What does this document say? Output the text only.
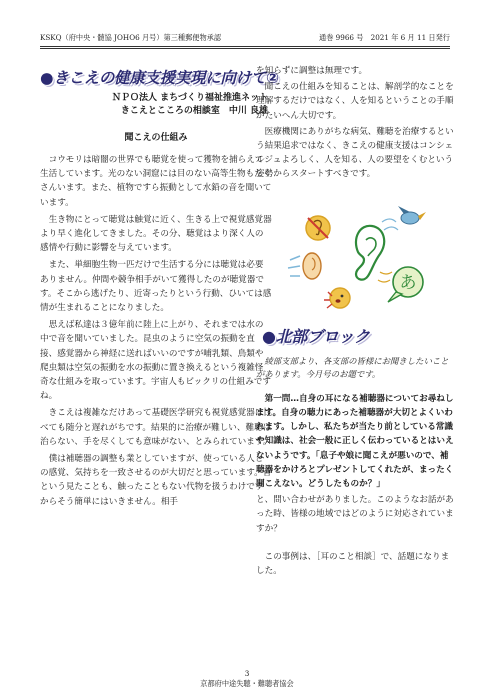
KSKQ（府中央・髄協 JOHO6 月号）第三種郵便物承認	通巻 9966 号　2021 年 6 月 11 日発行
●きこえの健康支援実現に向けて②
ＮＰＯ法人 まちづくり福祉推進ネット
きこえとこころの相談室　中川 良雄
聞こえの仕組み

コウモリは暗闇の世界でも聴覚を使って獲物を捕らえて生活しています。光のない洞窟には目のない高等生物もたくさんいます。また、植物ですら振動として水鉛の音を聞いています。

生き物にとって聴覚は触覚に近く、生きる上で視覚感覚器より早く進化してきました。その分、聴覚はより深く人の感情や行動に影響を与えています。

また、単細胞生物一匹だけで生活する分には聴覚は必要ありません。仲間や競争相手がいて獲得したのが聴覚器です。そこから逃げたり、近寄ったりという行動、ひいては感情が生まれることになりました。

思えば私達は３億年前に陸上に上がり、それまでは水の中で音を聞いていました。昆虫のように空気の振動を直接、感覚器から神経に送ればいいのですが哺乳類、鳥類や爬虫類は空気の振動を水の振動に置き換えるという複雑怪奇な仕組みを取っています。宇宙人もビックリの仕組みですね。

きこえは複雑なだけあって基礎医学研究も視覚感覚器に比べても随分と遅れがちです。結果的に治療が難しい、難聴は治らない、手を尽くしても意味がない、とみられています。

僕は補聴器の調整も業としていますが、使っている人との感覚、気持ちを一致させるのが大切だと思っています。音という見たことも、触ったこともない代物を扱うわけですからそう簡単にはいきません。相手

を知らずに調整は無理です。

聞こえの仕組みを知ることは、解剖学的なことを理解するだけではなく、人を知るということの手順がたいへん大切です。

医療機関にありがちな病気、難聴を治療するという結果追求ではなく、きこえの健康支援はコンシェルジュよろしく、人を知る、人の要望をくむという姿勢からスタートすべきです。

あ
●北部ブロック
綾部支部より、各支部の皆様にお聞きしたいことがあります。今月号のお題です。

第一問…自身の耳になる補聴器についてお尋ねします。自身の聴力にあった補聴器が大切とよくいわれます。しかし、私たちが当たり前としている常識や知識は、社会一般に正しく伝わっているとはいえないようです。「息子や娘に聞こえが悪いので、補聴器をかけろとプレゼントしてくれたが、まったく聞こえない。どうしたものか？」

と、問い合わせがありました。このようなお話があった時、皆様の地域ではどのように対応されていますか？

この事例は、［耳のこと相談］で、話題になりました。

3
京都府中途失聴・難聴者協会
